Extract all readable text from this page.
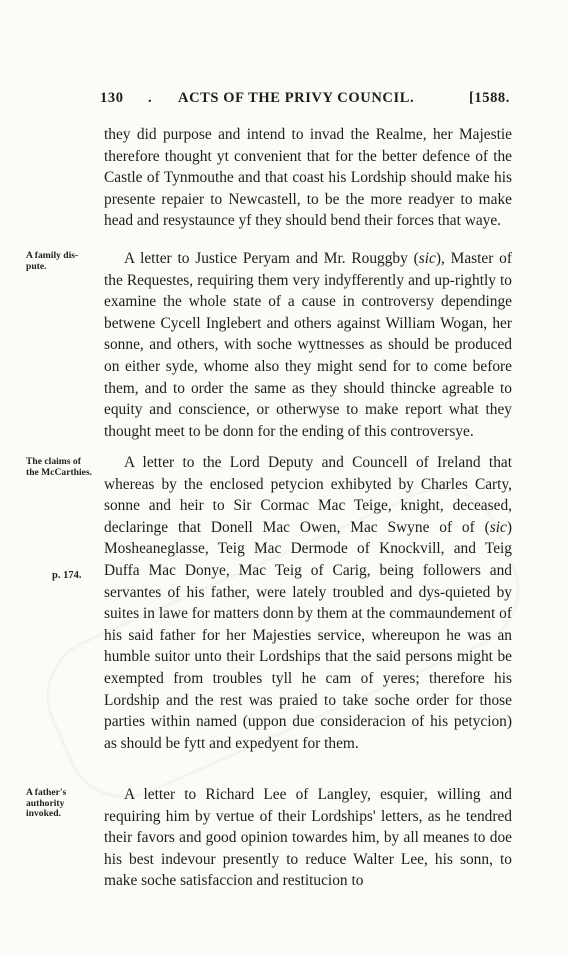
130 . ACTS OF THE PRIVY COUNCIL.	[1588.
they did purpose and intend to invad the Realme, her Majestie therefore thought yt convenient that for the better defence of the Castle of Tynmouthe and that coast his Lordship should make his presente repaier to Newcastell, to be the more readyer to make head and resystaunce yf they should bend their forces that waye.
A family dis-pute.	A letter to Justice Peryam and Mr. Rouggby (sic), Master of the Requestes, requiring them very indyfferently and up-rightly to examine the whole state of a cause in controversy dependinge betwene Cycell Inglebert and others against William Wogan, her sonne, and others, with soche wyttnesses as should be produced on either syde, whome also they might send for to come before them, and to order the same as they should thincke agreable to equity and conscience, or otherwyse to make report what they thought meet to be donn for the ending of this controversye.
The claims of the McCarthies.
p. 174.
A letter to the Lord Deputy and Councell of Ireland that whereas by the enclosed petycion exhibyted by Charles Carty, sonne and heir to Sir Cormac Mac Teige, knight, deceased, declaringe that Donell Mac Owen, Mac Swyne of of (sic) Mosheaneglasse, Teig Mac Dermode of Knockvill, and Teig Duffa Mac Donye, Mac Teig of Carig, being followers and servantes of his father, were lately troubled and dys-quieted by suites in lawe for matters donn by them at the commaundement of his said father for her Majesties service, whereupon he was an humble suitor unto their Lordships that the said persons might be exempted from troubles tyll he cam of yeres; therefore his Lordship and the rest was praied to take soche order for those parties within named (uppon due consideracion of his petycion) as should be fytt and expedyent for them.
A father's authority invoked.
A letter to Richard Lee of Langley, esquier, willing and requiring him by vertue of their Lordships' letters, as he tendred their favors and good opinion towardes him, by all meanes to doe his best indevour presently to reduce Walter Lee, his sonn, to make soche satisfaccion and restitucion to
